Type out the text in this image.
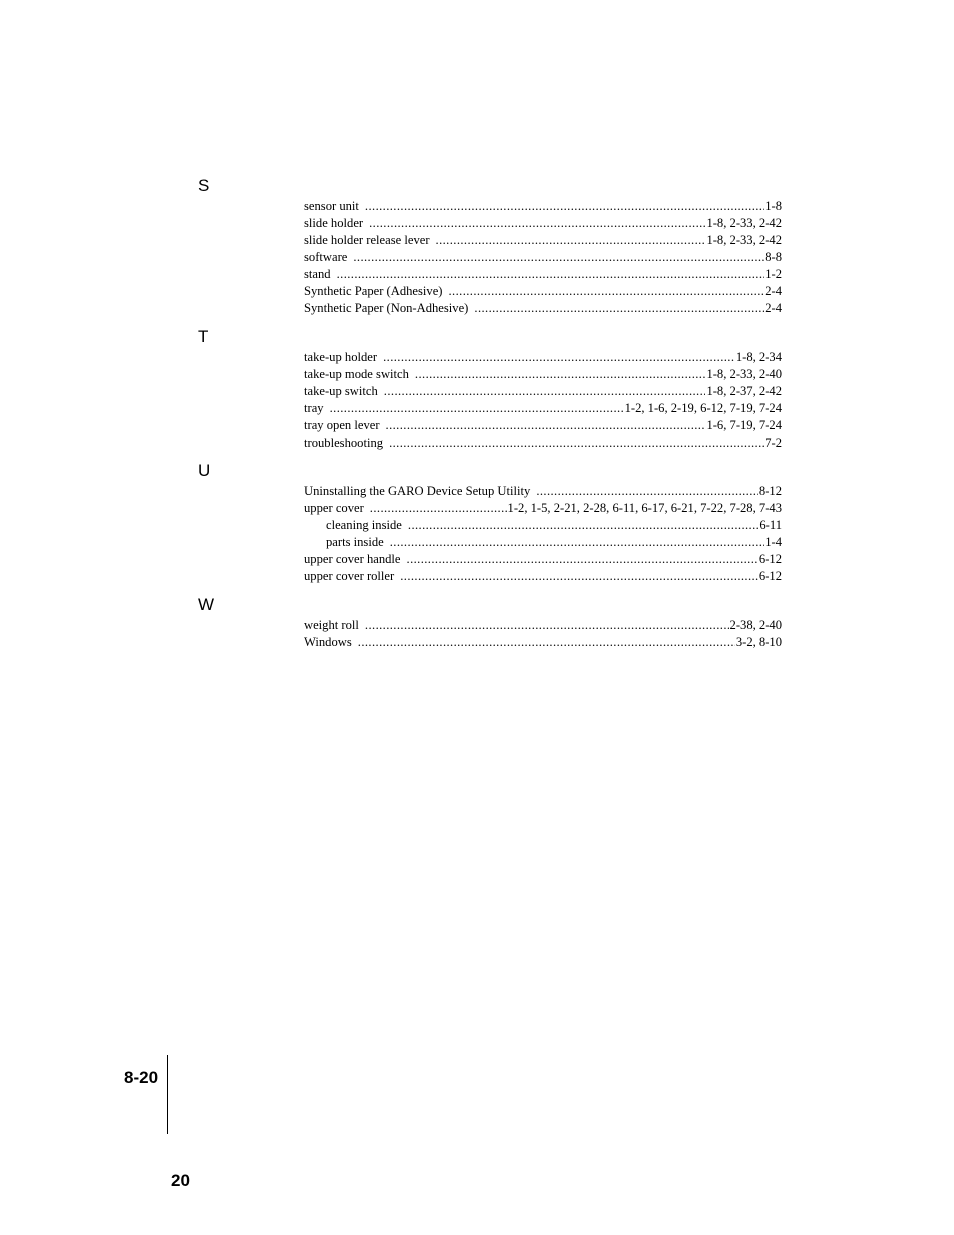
S
sensor unit .....	1-8
slide holder .....	1-8, 2-33, 2-42
slide holder release lever .....	1-8, 2-33, 2-42
software .....	8-8
stand .....	1-2
Synthetic Paper (Adhesive) .....	2-4
Synthetic Paper (Non-Adhesive) .....	2-4
T
take-up holder .....	1-8, 2-34
take-up mode switch .....	1-8, 2-33, 2-40
take-up switch .....	1-8, 2-37, 2-42
tray .....	1-2, 1-6, 2-19, 6-12, 7-19, 7-24
tray open lever .....	1-6, 7-19, 7-24
troubleshooting .....	7-2
U
Uninstalling the GARO Device Setup Utility .....	8-12
upper cover .....	1-2, 1-5, 2-21, 2-28, 6-11, 6-17, 6-21, 7-22, 7-28, 7-43
cleaning inside .....	6-11
parts inside .....	1-4
upper cover handle .....	6-12
upper cover roller .....	6-12
W
weight roll .....	2-38, 2-40
Windows .....	3-2, 8-10
8-20
20
